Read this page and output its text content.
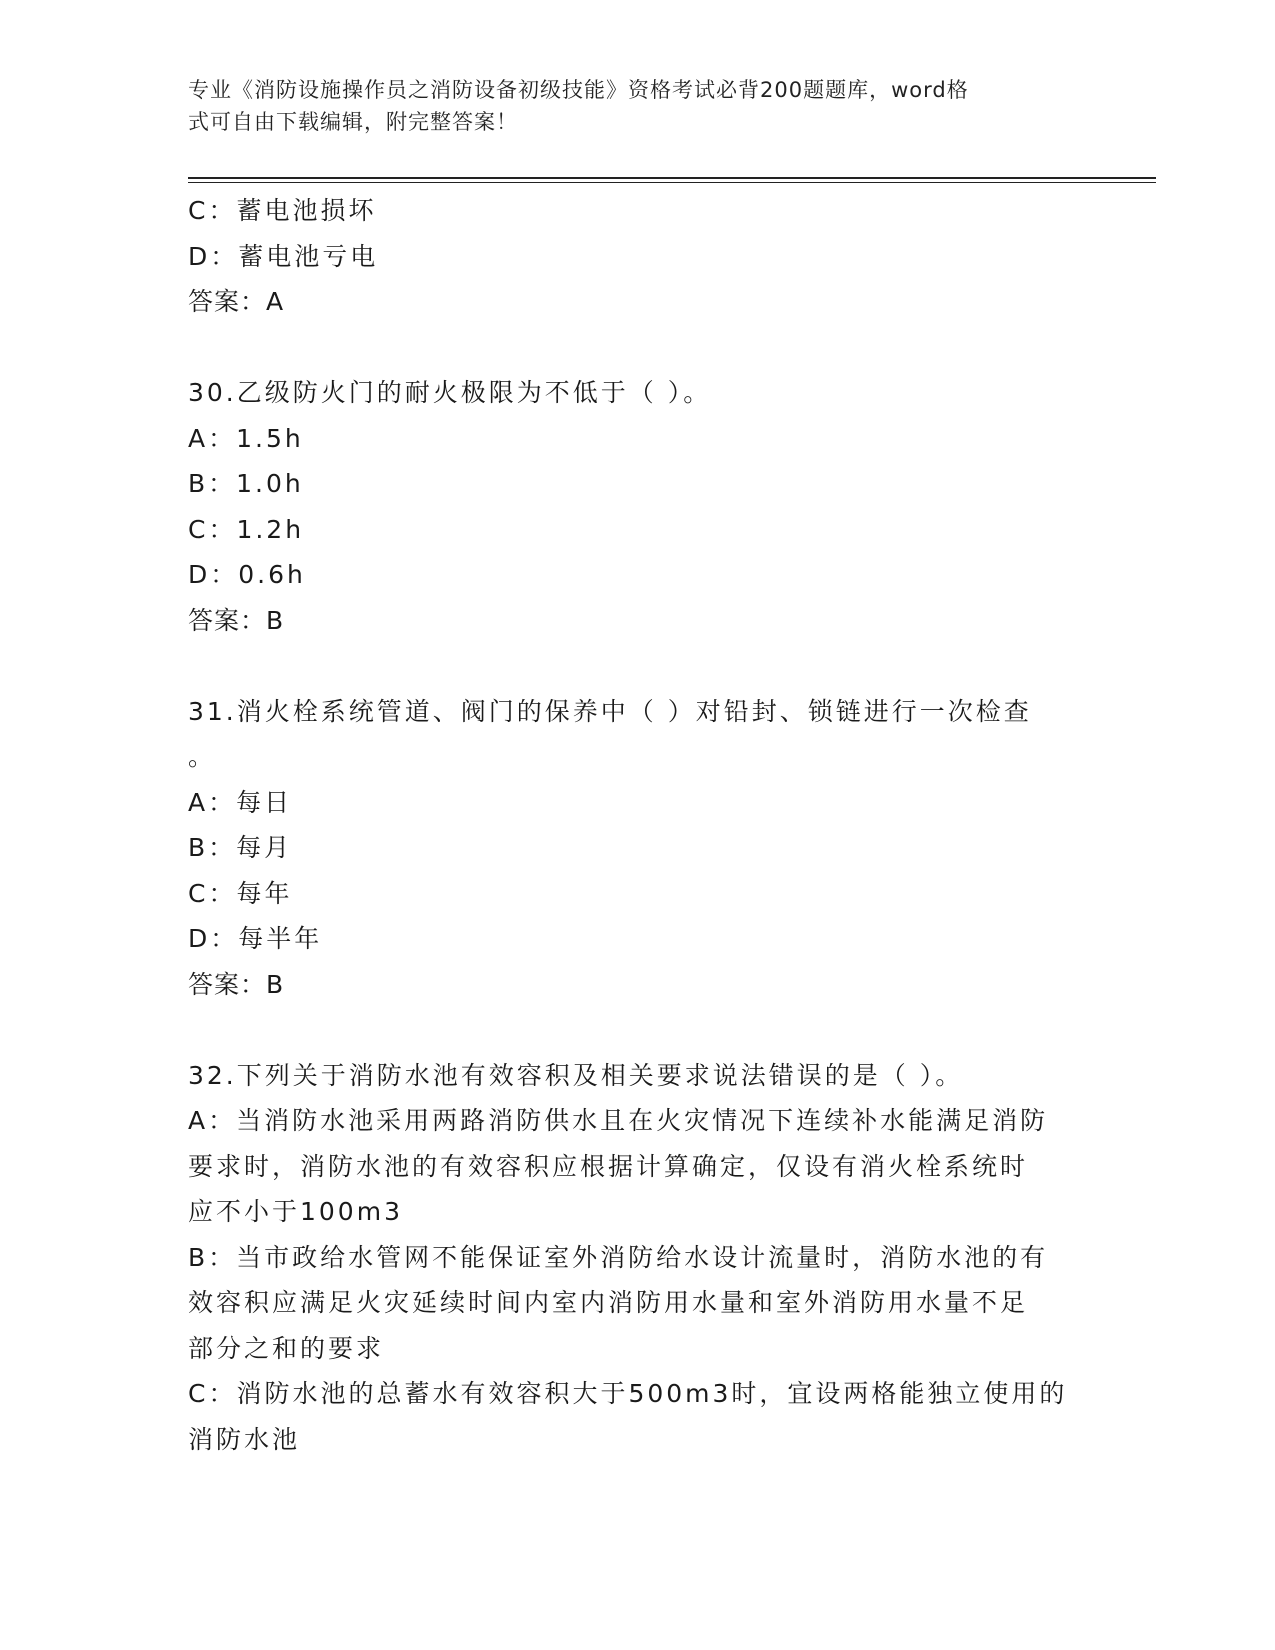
专业《消防设施操作员之消防设备初级技能》资格考试必背200题题库，word格
式可自由下载编辑，附完整答案！
C：蓄电池损坏
D：蓄电池亏电
答案：A
30.乙级防火门的耐火极限为不低于（ ）。
A：1.5h
B：1.0h
C：1.2h
D：0.6h
答案：B
31.消火栓系统管道、阀门的保养中（ ）对铅封、锁链进行一次检查
。
A：每日
B：每月
C：每年
D：每半年
答案：B
32.下列关于消防水池有效容积及相关要求说法错误的是（ ）。
A：当消防水池采用两路消防供水且在火灾情况下连续补水能满足消防
要求时，消防水池的有效容积应根据计算确定，仅设有消火栓系统时
应不小于100m3
B：当市政给水管网不能保证室外消防给水设计流量时，消防水池的有
效容积应满足火灾延续时间内室内消防用水量和室外消防用水量不足
部分之和的要求
C：消防水池的总蓄水有效容积大于500m3时，宜设两格能独立使用的
消防水池
